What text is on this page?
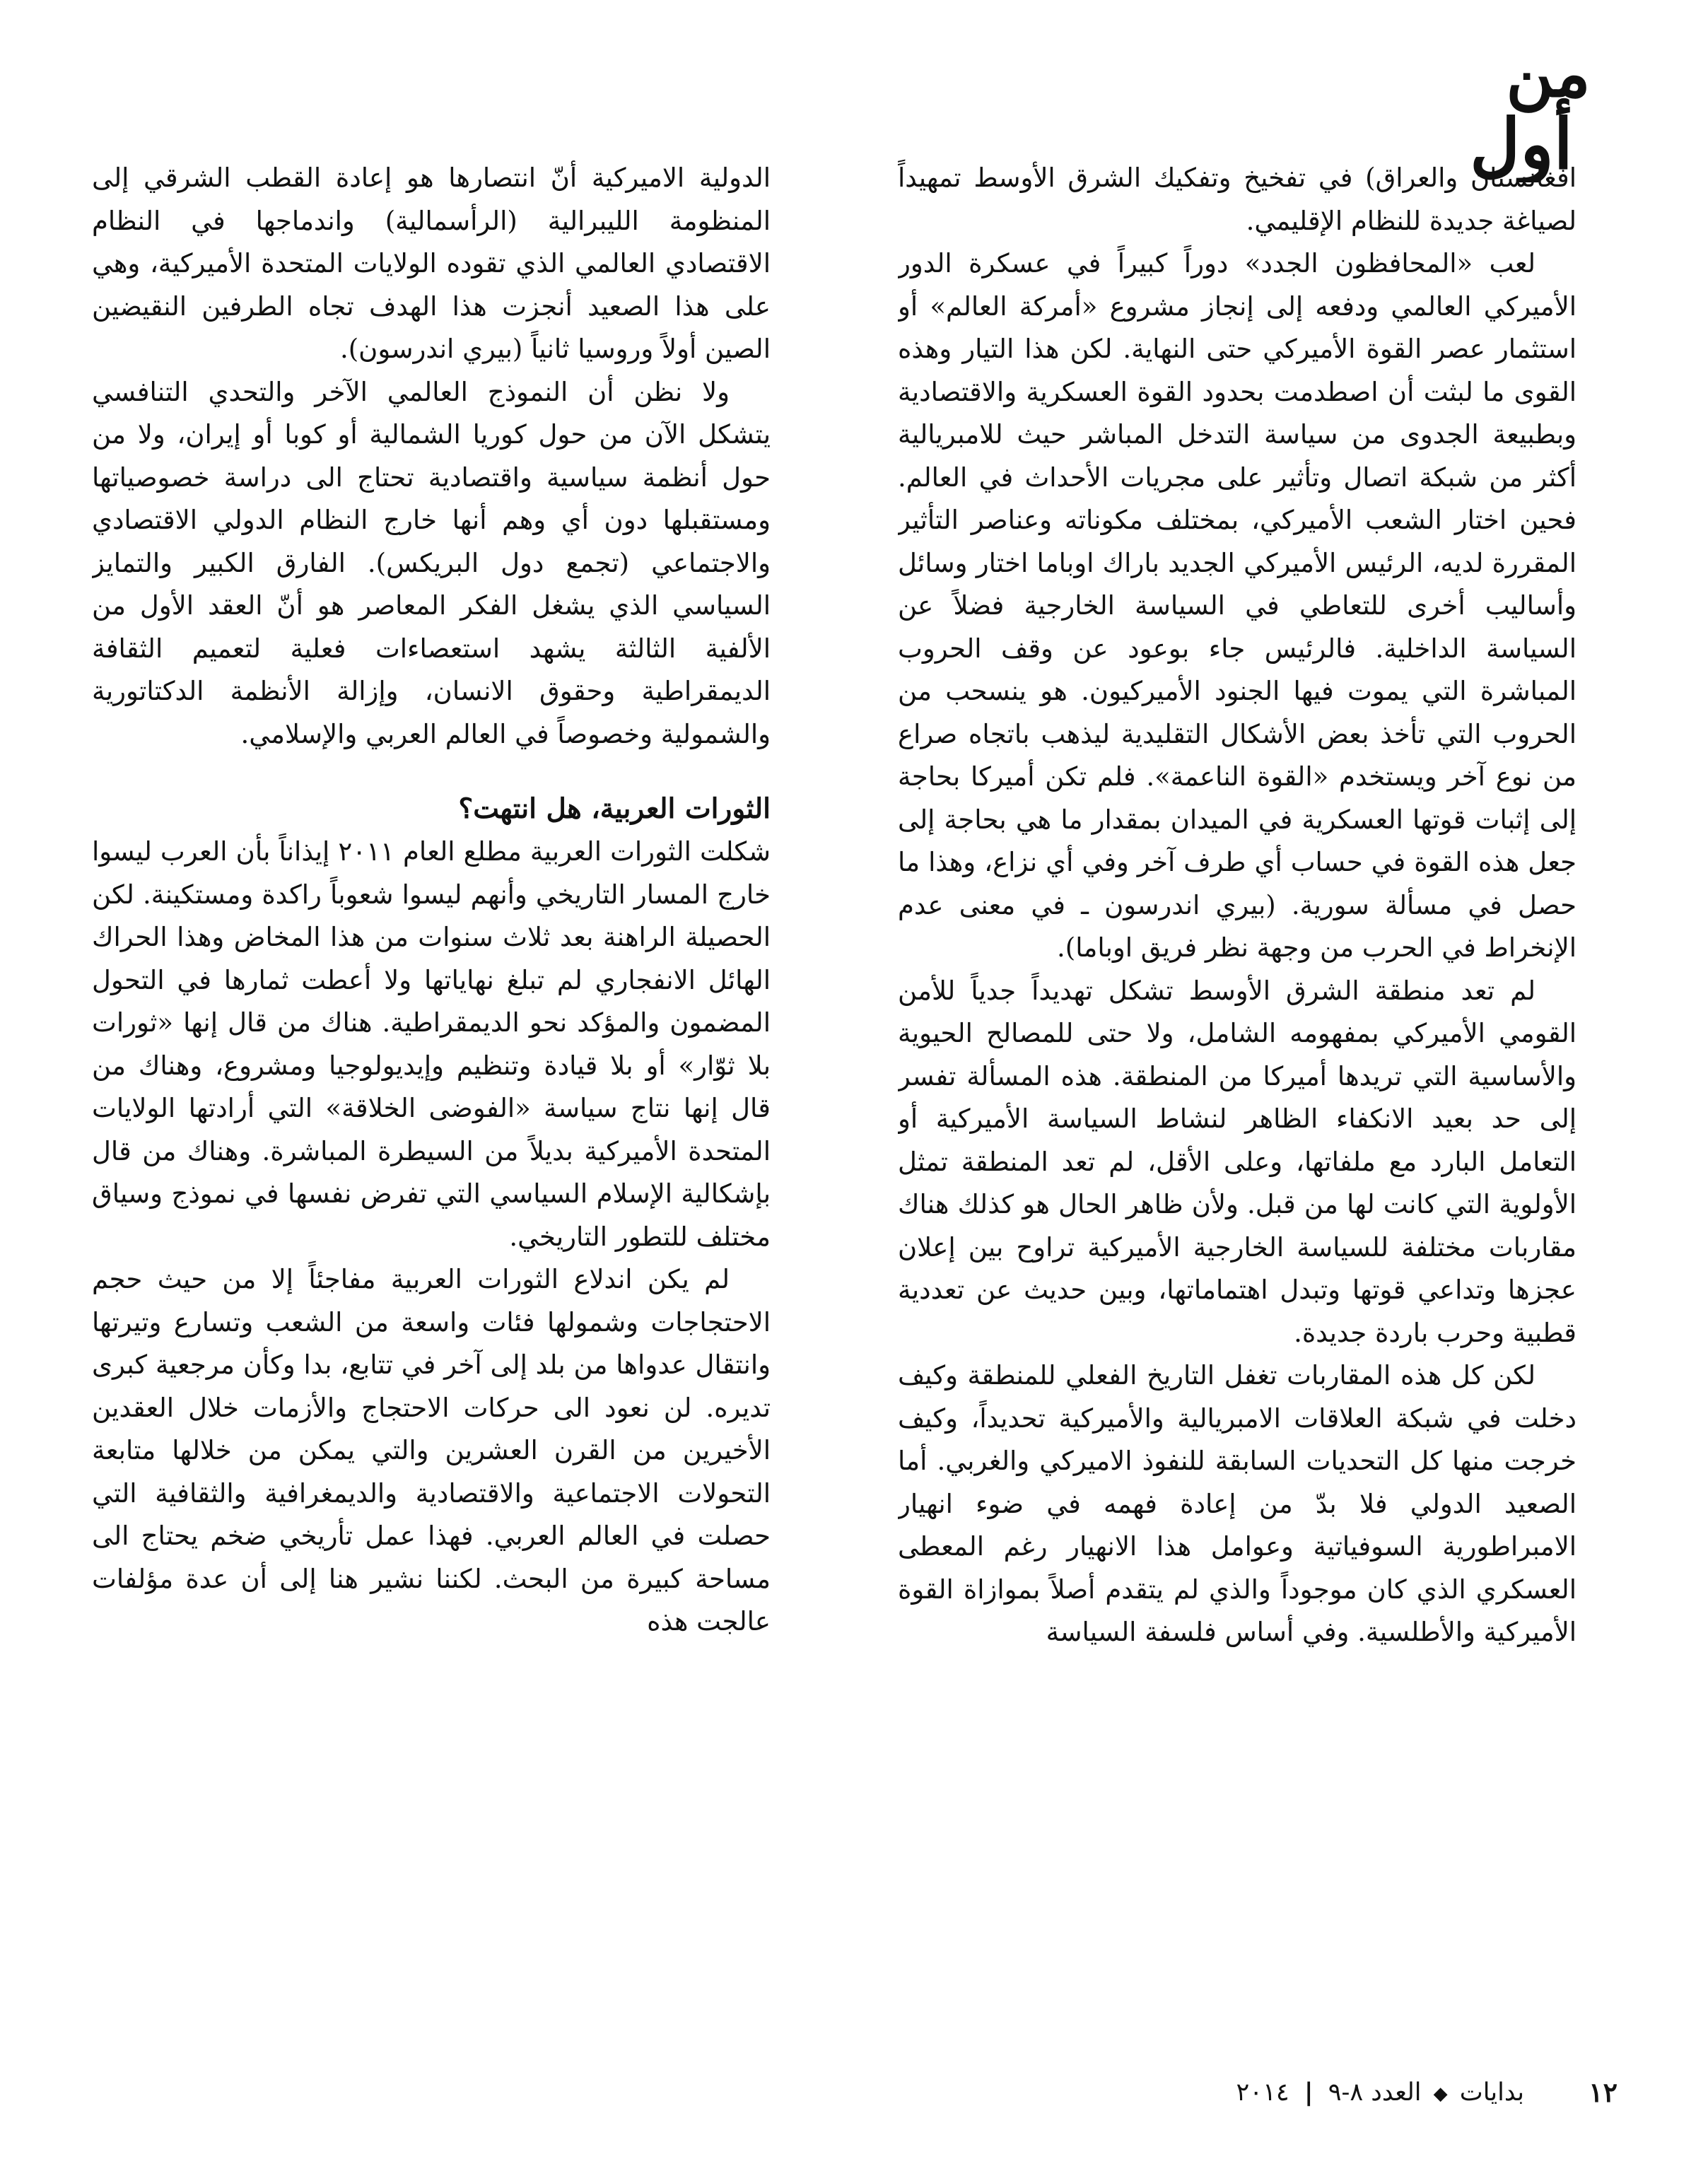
من
أول

افغانستان والعراق) في تفخيخ وتفكيك الشرق الأوسط تمهيداً لصياغة جديدة للنظام الإقليمي.

لعب «المحافظون الجدد» دوراً كبيراً في عسكرة الدور الأميركي العالمي ودفعه إلى إنجاز مشروع «أمركة العالم» أو استثمار عصر القوة الأميركي حتى النهاية. لكن هذا التيار وهذه القوى ما لبثت أن اصطدمت بحدود القوة العسكرية والاقتصادية وبطبيعة الجدوى من سياسة التدخل المباشر حيث للامبريالية أكثر من شبكة اتصال وتأثير على مجريات الأحداث في العالم. فحين اختار الشعب الأميركي، بمختلف مكوناته وعناصر التأثير المقررة لديه، الرئيس الأميركي الجديد باراك اوباما اختار وسائل وأساليب أخرى للتعاطي في السياسة الخارجية فضلاً عن السياسة الداخلية. فالرئيس جاء بوعود عن وقف الحروب المباشرة التي يموت فيها الجنود الأميركيون. هو ينسحب من الحروب التي تأخذ بعض الأشكال التقليدية ليذهب باتجاه صراع من نوع آخر ويستخدم «القوة الناعمة». فلم تكن أميركا بحاجة إلى إثبات قوتها العسكرية في الميدان بمقدار ما هي بحاجة إلى جعل هذه القوة في حساب أي طرف آخر وفي أي نزاع، وهذا ما حصل في مسألة سورية. (بيري اندرسون ـ في معنى عدم الإنخراط في الحرب من وجهة نظر فريق اوباما).

لم تعد منطقة الشرق الأوسط تشكل تهديداً جدياً للأمن القومي الأميركي بمفهومه الشامل، ولا حتى للمصالح الحيوية والأساسية التي تريدها أميركا من المنطقة. هذه المسألة تفسر إلى حد بعيد الانكفاء الظاهر لنشاط السياسة الأميركية أو التعامل البارد مع ملفاتها، وعلى الأقل، لم تعد المنطقة تمثل الأولوية التي كانت لها من قبل. ولأن ظاهر الحال هو كذلك هناك مقاربات مختلفة للسياسة الخارجية الأميركية تراوح بين إعلان عجزها وتداعي قوتها وتبدل اهتماماتها، وبين حديث عن تعددية قطبية وحرب باردة جديدة.

لكن كل هذه المقاربات تغفل التاريخ الفعلي للمنطقة وكيف دخلت في شبكة العلاقات الامبريالية والأميركية تحديداً، وكيف خرجت منها كل التحديات السابقة للنفوذ الاميركي والغربي. أما الصعيد الدولي فلا بدّ من إعادة فهمه في ضوء انهيار الامبراطورية السوفياتية وعوامل هذا الانهيار رغم المعطى العسكري الذي كان موجوداً والذي لم يتقدم أصلاً بموازاة القوة الأميركية والأطلسية. وفي أساس فلسفة السياسة

الدولية الاميركية أنّ انتصارها هو إعادة القطب الشرقي إلى المنظومة الليبرالية (الرأسمالية) واندماجها في النظام الاقتصادي العالمي الذي تقوده الولايات المتحدة الأميركية، وهي على هذا الصعيد أنجزت هذا الهدف تجاه الطرفين النقيضين الصين أولاً وروسيا ثانياً (بيري اندرسون).

ولا نظن أن النموذج العالمي الآخر والتحدي التنافسي يتشكل الآن من حول كوريا الشمالية أو كوبا أو إيران، ولا من حول أنظمة سياسية واقتصادية تحتاج الى دراسة خصوصياتها ومستقبلها دون أي وهم أنها خارج النظام الدولي الاقتصادي والاجتماعي (تجمع دول البريكس). الفارق الكبير والتمايز السياسي الذي يشغل الفكر المعاصر هو أنّ العقد الأول من الألفية الثالثة يشهد استعصاءات فعلية لتعميم الثقافة الديمقراطية وحقوق الانسان، وإزالة الأنظمة الدكتاتورية والشمولية وخصوصاً في العالم العربي والإسلامي.

الثورات العربية، هل انتهت؟

شكلت الثورات العربية مطلع العام ٢٠١١ إيذاناً بأن العرب ليسوا خارج المسار التاريخي وأنهم ليسوا شعوباً راكدة ومستكينة. لكن الحصيلة الراهنة بعد ثلاث سنوات من هذا المخاض وهذا الحراك الهائل الانفجاري لم تبلغ نهاياتها ولا أعطت ثمارها في التحول المضمون والمؤكد نحو الديمقراطية. هناك من قال إنها «ثورات بلا ثوّار» أو بلا قيادة وتنظيم وإيديولوجيا ومشروع، وهناك من قال إنها نتاج سياسة «الفوضى الخلاقة» التي أرادتها الولايات المتحدة الأميركية بديلاً من السيطرة المباشرة. وهناك من قال بإشكالية الإسلام السياسي التي تفرض نفسها في نموذج وسياق مختلف للتطور التاريخي.

لم يكن اندلاع الثورات العربية مفاجئاً إلا من حيث حجم الاحتجاجات وشمولها فئات واسعة من الشعب وتسارع وتيرتها وانتقال عدواها من بلد إلى آخر في تتابع، بدا وكأن مرجعية كبرى تديره. لن نعود الى حركات الاحتجاج والأزمات خلال العقدين الأخيرين من القرن العشرين والتي يمكن من خلالها متابعة التحولات الاجتماعية والاقتصادية والديمغرافية والثقافية التي حصلت في العالم العربي. فهذا عمل تأريخي ضخم يحتاج الى مساحة كبيرة من البحث. لكننا نشير هنا إلى أن عدة مؤلفات عالجت هذه

١٢
بدايات ◆ العدد ٨-٩ | ٢٠١٤
